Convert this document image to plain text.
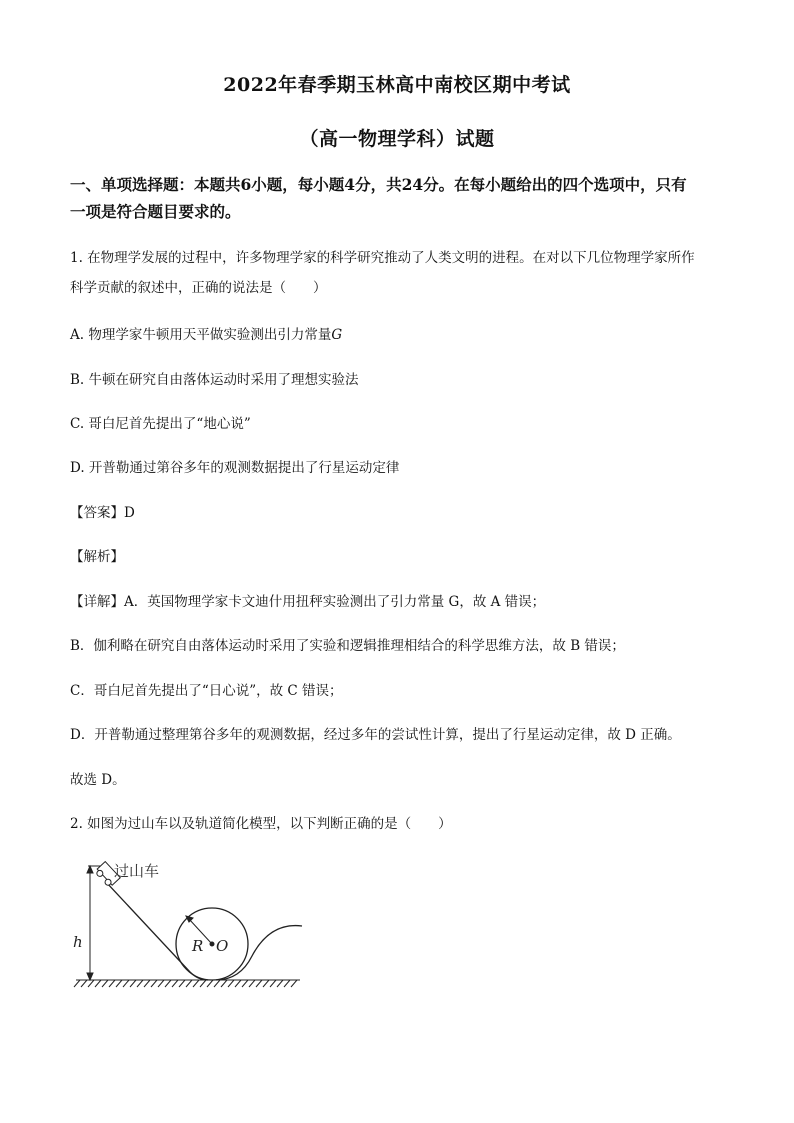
2022年春季期玉林高中南校区期中考试
（高一物理学科）试题
一、单项选择题：本题共6小题，每小题4分，共24分。在每小题给出的四个选项中，只有
一项是符合题目要求的。
1. 在物理学发展的过程中，许多物理学家的科学研究推动了人类文明的进程。在对以下几位物理学家所作
科学贡献的叙述中，正确的说法是（　　）
A. 物理学家牛顿用天平做实验测出引力常量G
B. 牛顿在研究自由落体运动时采用了理想实验法
C. 哥白尼首先提出了“地心说”
D. 开普勒通过第谷多年的观测数据提出了行星运动定律
【答案】D
【解析】
【详解】A．英国物理学家卡文迪什用扭秤实验测出了引力常量 G，故 A 错误；
B．伽利略在研究自由落体运动时采用了实验和逻辑推理相结合的科学思维方法，故 B 错误；
C．哥白尼首先提出了“日心说”，故 C 错误；
D．开普勒通过整理第谷多年的观测数据，经过多年的尝试性计算，提出了行星运动定律，故 D 正确。
故选 D。
2. 如图为过山车以及轨道简化模型，以下判断正确的是（　　）
h
过山车
R O
